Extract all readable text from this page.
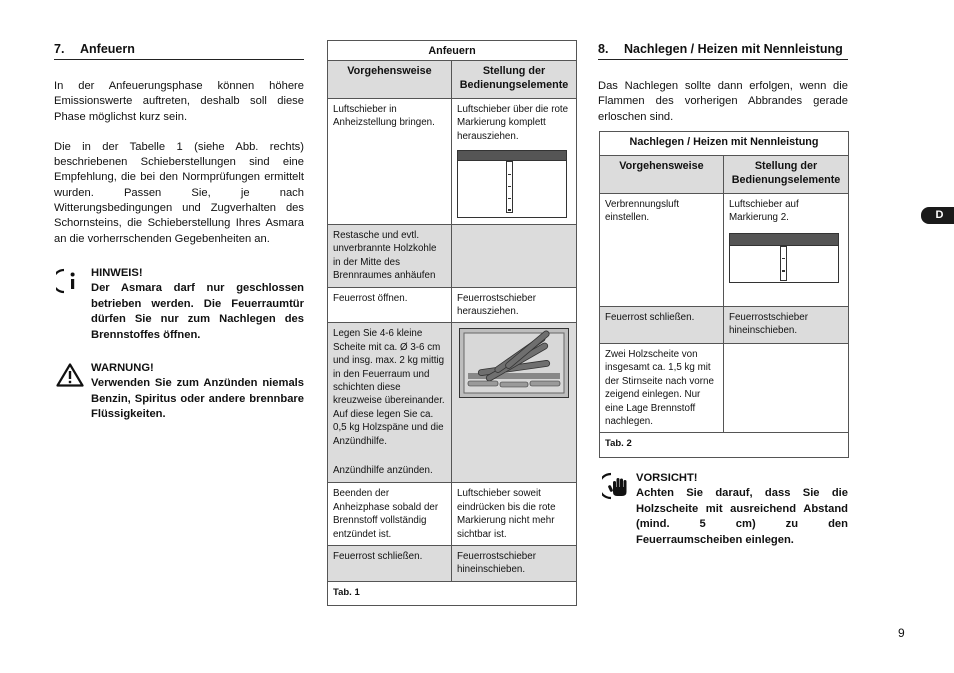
7.	Anfeuern

In der Anfeuerungsphase können höhere Emissionswerte auftreten, deshalb soll diese Phase möglichst kurz sein.

Die in der Tabelle 1 (siehe Abb. rechts) beschriebenen Schieberstellungen sind eine Empfehlung, die bei den Normprüfungen ermittelt wurden. Passen Sie, je nach Witterungsbedingungen und Zugverhalten des Schornsteins, die Schieberstellung Ihres Asmara an die vorherrschenden Gegebenheiten an.

HINWEIS!
Der Asmara darf nur geschlossen betrieben werden. Die Feuerraumtür dürfen Sie nur zum Nachlegen des Brennstoffes öffnen.
WARNUNG!
Verwenden Sie zum Anzünden niemals Benzin, Spiritus oder andere brennbare Flüssigkeiten.
Anfeuern	
Vorgehensweise	Stellung der Bedienungselemente
Luftschieber in Anheizstellung bringen.	Luftschieber über die rote Markierung komplett herausziehen.

Restasche und evtl. unverbrannte Holzkohle in der Mitte des Brennraumes anhäufen	
Feuerrost öffnen.	Feuerrostschieber herausziehen.

Legen Sie 4-6 kleine Scheite mit ca. Ø 3-6 cm und insg. max. 2 kg mittig in den Feuerraum und schichten diese kreuzweise übereinander. Auf diese legen Sie ca. 0,5 kg Holzspäne und die Anzündhilfe.
Anzündhilfe anzünden.

Beenden der Anheizphase sobald der Brennstoff vollständig entzündet ist.	Luftschieber soweit eindrücken bis die rote Markierung nicht mehr sichtbar ist.
Feuerrost schließen.	Feuerrostschieber hineinschieben.
Tab. 1	
8.	Nachlegen / Heizen mit Nennleistung

Das Nachlegen sollte dann erfolgen, wenn die Flammen des vorherigen Abbrandes gerade erloschen sind.

Nachlegen / Heizen mit Nennleistung	
Vorgehensweise	Stellung der Bedienungselemente
Verbrennungsluft einstellen.	Luftschieber auf Markierung 2.

Feuerrost schließen.	Feuerrostschieber hineinschieben.
Zwei Holzscheite von insgesamt ca. 1,5 kg mit der Stirnseite nach vorne zeigend einlegen. Nur eine Lage Brennstoff nachlegen.	
Tab. 2	
VORSICHT!
Achten Sie darauf, dass Sie die Holzscheite mit ausreichend Abstand (mind. 5 cm) zu den Feuerraumscheiben einlegen.
D
9
